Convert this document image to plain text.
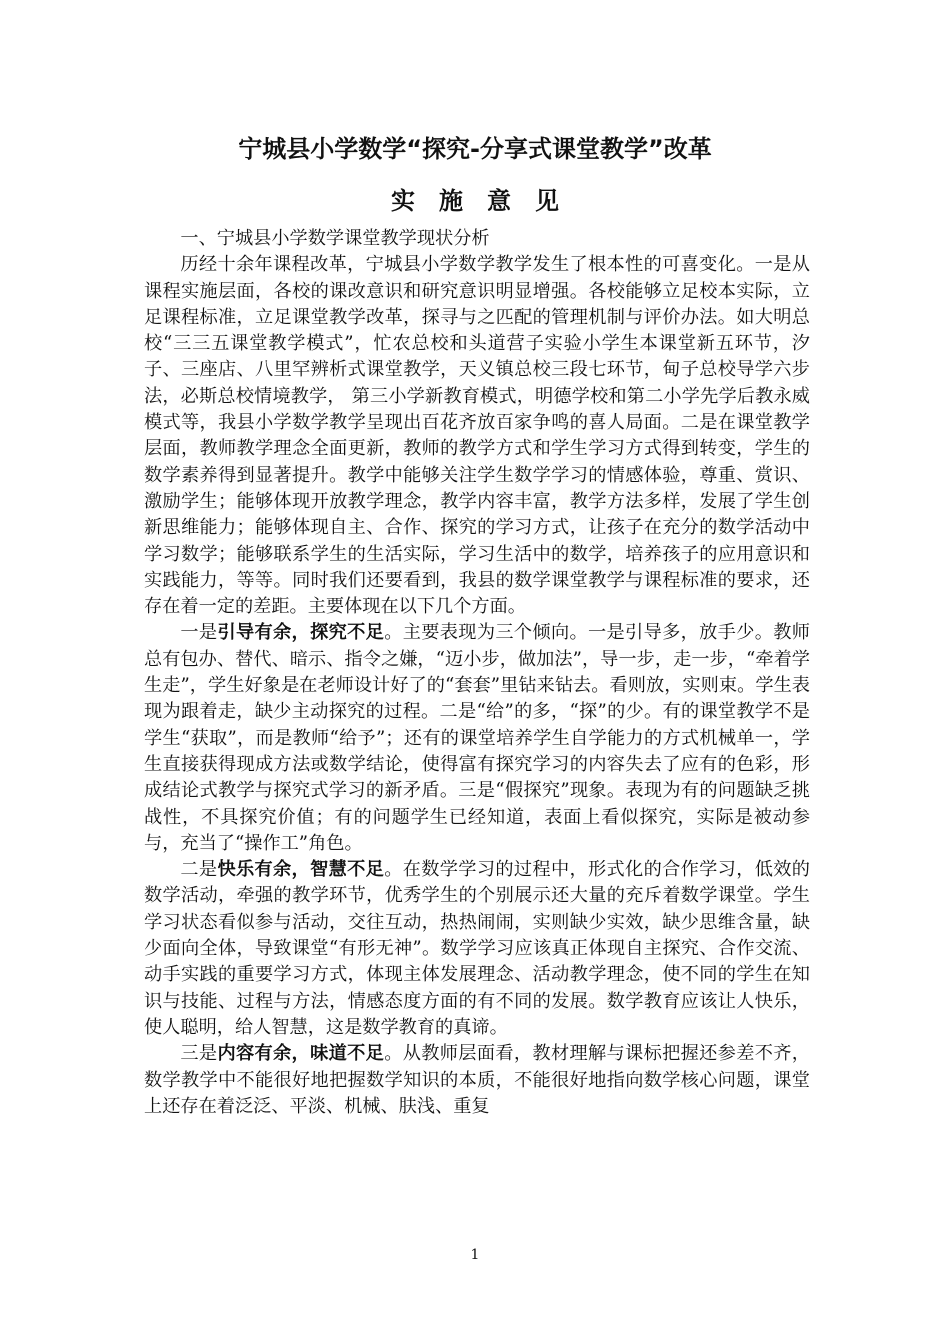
宁城县小学数学“探究-分享式课堂教学”改革
实施意见

一、宁城县小学数学课堂教学现状分析

历经十余年课程改革，宁城县小学数学教学发生了根本性的可喜变化。一是从课程实施层面，各校的课改意识和研究意识明显增强。各校能够立足校本实际，立足课程标准，立足课堂教学改革，探寻与之匹配的管理机制与评价办法。如大明总校“三三五课堂教学模式”，忙农总校和头道营子实验小学生本课堂新五环节，汐子、三座店、八里罕辨析式课堂教学，天义镇总校三段七环节，甸子总校导学六步法，必斯总校情境教学， 第三小学新教育模式，明德学校和第二小学先学后教永威模式等，我县小学数学教学呈现出百花齐放百家争鸣的喜人局面。二是在课堂教学层面，教师教学理念全面更新，教师的教学方式和学生学习方式得到转变，学生的数学素养得到显著提升。教学中能够关注学生数学学习的情感体验，尊重、赏识、激励学生；能够体现开放教学理念，教学内容丰富，教学方法多样，发展了学生创新思维能力；能够体现自主、合作、探究的学习方式，让孩子在充分的数学活动中学习数学；能够联系学生的生活实际，学习生活中的数学，培养孩子的应用意识和实践能力，等等。同时我们还要看到，我县的数学课堂教学与课程标准的要求，还存在着一定的差距。主要体现在以下几个方面。

一是引导有余，探究不足。主要表现为三个倾向。一是引导多，放手少。教师总有包办、替代、暗示、指令之嫌，“迈小步，做加法”，导一步，走一步，“牵着学生走”，学生好象是在老师设计好了的“套套”里钻来钻去。看则放，实则束。学生表现为跟着走，缺少主动探究的过程。二是“给”的多，“探”的少。有的课堂教学不是学生“获取”，而是教师“给予”；还有的课堂培养学生自学能力的方式机械单一，学生直接获得现成方法或数学结论，使得富有探究学习的内容失去了应有的色彩，形成结论式教学与探究式学习的新矛盾。三是“假探究”现象。表现为有的问题缺乏挑战性，不具探究价值；有的问题学生已经知道，表面上看似探究，实际是被动参与，充当了“操作工”角色。

二是快乐有余，智慧不足。在数学学习的过程中，形式化的合作学习，低效的数学活动，牵强的教学环节，优秀学生的个别展示还大量的充斥着数学课堂。学生学习状态看似参与活动，交往互动，热热闹闹，实则缺少实效，缺少思维含量，缺少面向全体，导致课堂“有形无神”。数学学习应该真正体现自主探究、合作交流、动手实践的重要学习方式，体现主体发展理念、活动教学理念，使不同的学生在知识与技能、过程与方法，情感态度方面的有不同的发展。数学教育应该让人快乐，使人聪明，给人智慧，这是数学教育的真谛。

三是内容有余，味道不足。从教师层面看，教材理解与课标把握还参差不齐，数学教学中不能很好地把握数学知识的本质，不能很好地指向数学核心问题，课堂上还存在着泛泛、平淡、机械、肤浅、重复

1
